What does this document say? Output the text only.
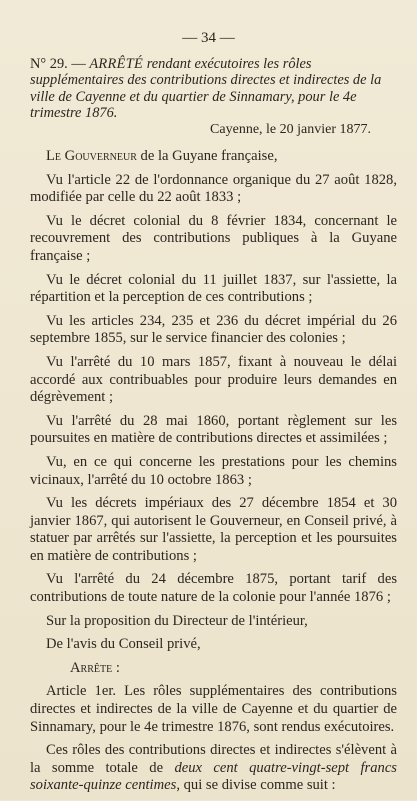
— 34 —
N° 29. — ARRÊTÉ rendant exécutoires les rôles supplémentaires des contributions directes et indirectes de la ville de Cayenne et du quartier de Sinnamary, pour le 4e trimestre 1876.
Cayenne, le 20 janvier 1877.

Le Gouverneur de la Guyane française,

Vu l'article 22 de l'ordonnance organique du 27 août 1828, modifiée par celle du 22 août 1833 ;

Vu le décret colonial du 8 février 1834, concernant le recouvrement des contributions publiques à la Guyane française ;

Vu le décret colonial du 11 juillet 1837, sur l'assiette, la répartition et la perception de ces contributions ;

Vu les articles 234, 235 et 236 du décret impérial du 26 septembre 1855, sur le service financier des colonies ;

Vu l'arrêté du 10 mars 1857, fixant à nouveau le délai accordé aux contribuables pour produire leurs demandes en dégrèvement ;

Vu l'arrêté du 28 mai 1860, portant règlement sur les poursuites en matière de contributions directes et assimilées ;

Vu, en ce qui concerne les prestations pour les chemins vicinaux, l'arrêté du 10 octobre 1863 ;

Vu les décrets impériaux des 27 décembre 1854 et 30 janvier 1867, qui autorisent le Gouverneur, en Conseil privé, à statuer par arrêtés sur l'assiette, la perception et les poursuites en matière de contributions ;

Vu l'arrêté du 24 décembre 1875, portant tarif des contributions de toute nature de la colonie pour l'année 1876 ;

Sur la proposition du Directeur de l'intérieur,

De l'avis du Conseil privé,

Arrête :

Article 1er. Les rôles supplémentaires des contributions directes et indirectes de la ville de Cayenne et du quartier de Sinnamary, pour le 4e trimestre 1876, sont rendus exécutoires.

Ces rôles des contributions directes et indirectes s'élèvent à la somme totale de deux cent quatre-vingt-sept francs soixante-quinze centimes, qui se divise comme suit :
